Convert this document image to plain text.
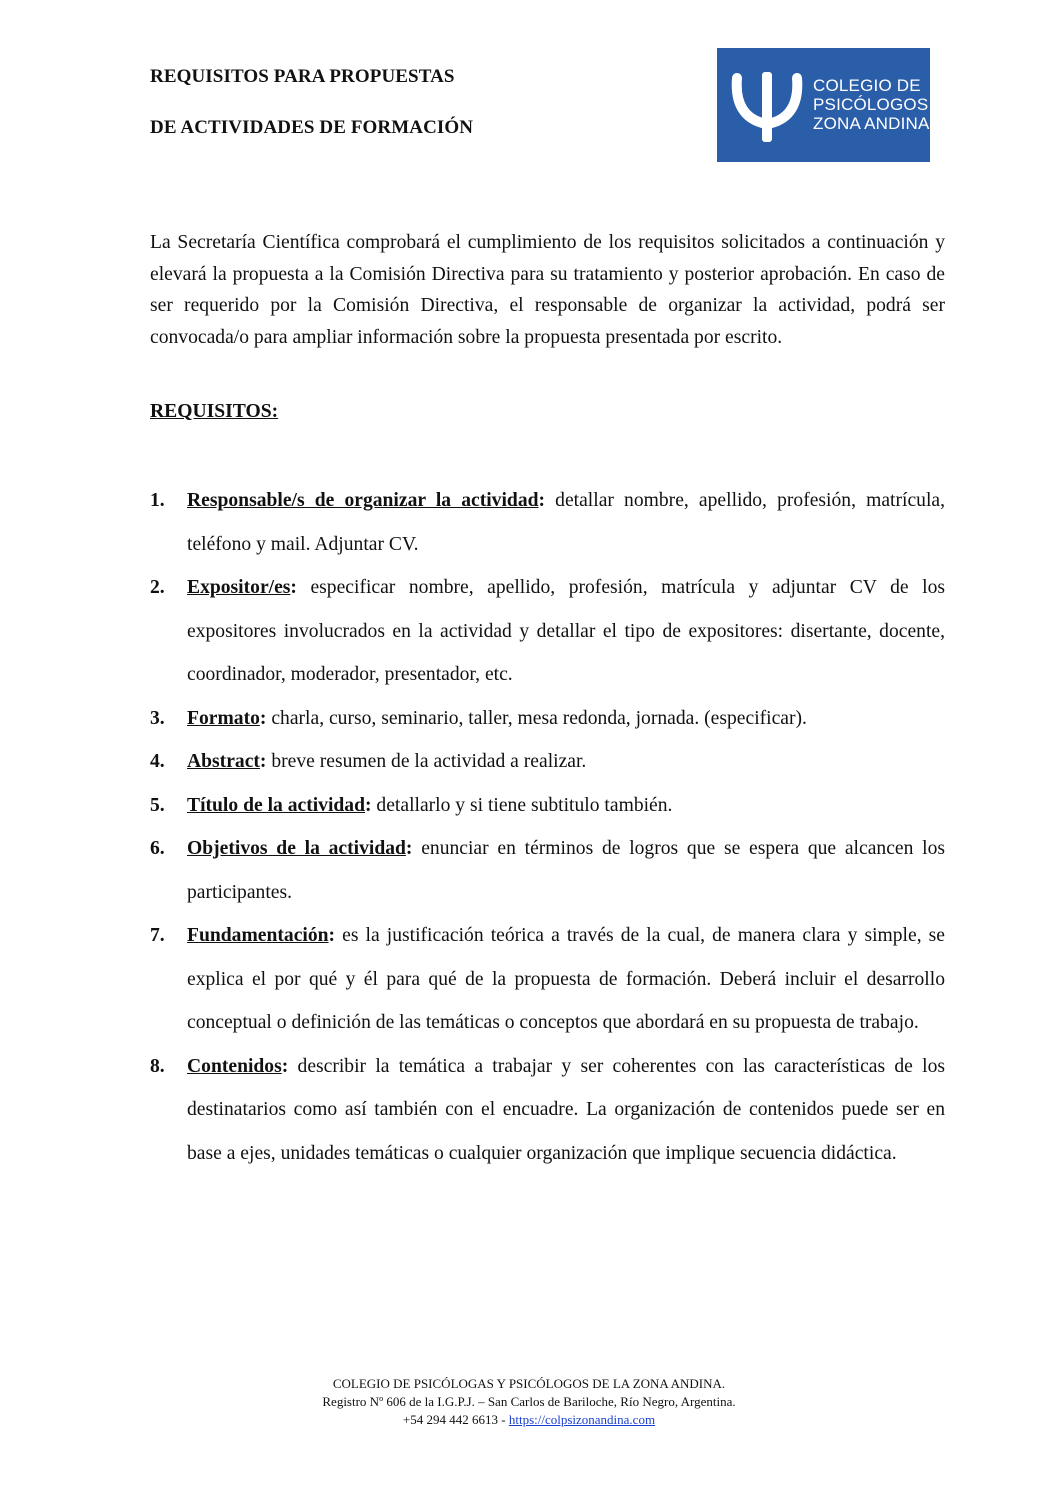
REQUISITOS PARA PROPUESTAS
DE ACTIVIDADES DE FORMACIÓN
COLEGIO DE
PSICÓLOGOS
ZONA ANDINA

La Secretaría Científica comprobará el cumplimiento de los requisitos solicitados a continuación y elevará la propuesta a la Comisión Directiva para su tratamiento y posterior aprobación. En caso de ser requerido por la Comisión Directiva, el responsable de organizar la actividad, podrá ser convocada/o para ampliar información sobre la propuesta presentada por escrito.

REQUISITOS:
1. Responsable/s de organizar la actividad: detallar nombre, apellido, profesión, matrícula, teléfono y mail. Adjuntar CV.
2. Expositor/es: especificar nombre, apellido, profesión, matrícula y adjuntar CV de los expositores involucrados en la actividad y detallar el tipo de expositores: disertante, docente, coordinador, moderador, presentador, etc.
3. Formato: charla, curso, seminario, taller, mesa redonda, jornada. (especificar).
4. Abstract: breve resumen de la actividad a realizar.
5. Título de la actividad: detallarlo y si tiene subtitulo también.
6. Objetivos de la actividad: enunciar en términos de logros que se espera que alcancen los participantes.
7. Fundamentación: es la justificación teórica a través de la cual, de manera clara y simple, se explica el por qué y él para qué de la propuesta de formación. Deberá incluir el desarrollo conceptual o definición de las temáticas o conceptos que abordará en su propuesta de trabajo.
8. Contenidos: describir la temática a trabajar y ser coherentes con las características de los destinatarios como así también con el encuadre. La organización de contenidos puede ser en base a ejes, unidades temáticas o cualquier organización que implique secuencia didáctica.
COLEGIO DE PSICÓLOGAS Y PSICÓLOGOS DE LA ZONA ANDINA.
Registro Nº 606 de la I.G.P.J. – San Carlos de Bariloche, Río Negro, Argentina.
+54 294 442 6613 - https://colpsizonandina.com
